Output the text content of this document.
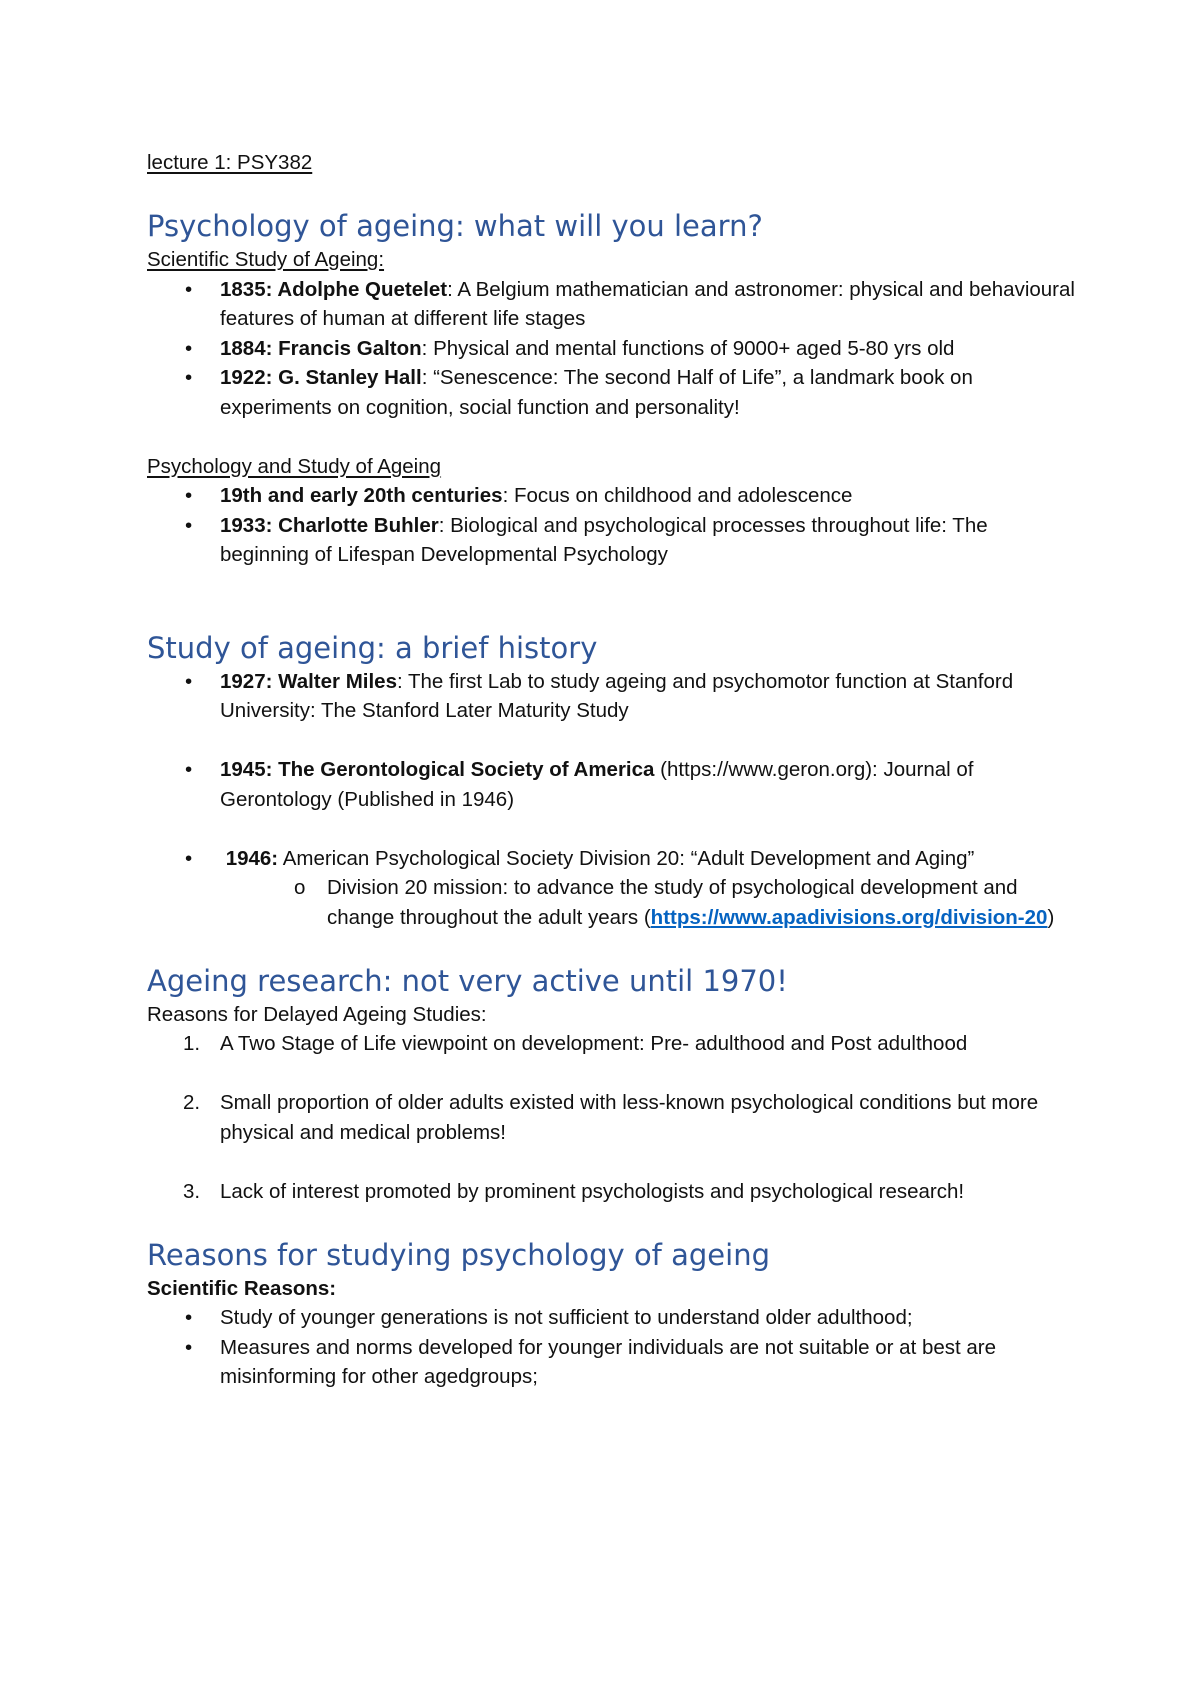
lecture 1: PSY382

Psychology of ageing: what will you learn?

Scientific Study of Ageing:

• 1835: Adolphe Quetelet: A Belgium mathematician and astronomer: physical and behavioural features of human at different life stages
• 1884: Francis Galton: Physical and mental functions of 9000+ aged 5-80 yrs old
• 1922: G. Stanley Hall: “Senescence: The second Half of Life”, a landmark book on experiments on cognition, social function and personality!

Psychology and Study of Ageing

• 19th and early 20th centuries: Focus on childhood and adolescence
• 1933: Charlotte Buhler: Biological and psychological processes throughout life: The beginning of Lifespan Developmental Psychology
Study of ageing: a brief history
• 1927: Walter Miles: The first Lab to study ageing and psychomotor function at Stanford University: The Stanford Later Maturity Study
• 1945: The Gerontological Society of America (https://www.geron.org): Journal of Gerontology (Published in 1946)
• 1946: American Psychological Society Division 20: “Adult Development and Aging”
o Division 20 mission: to advance the study of psychological development and change throughout the adult years (https://www.apadivisions.org/division-20)
Ageing research: not very active until 1970!

Reasons for Delayed Ageing Studies:

1. A Two Stage of Life viewpoint on development: Pre- adulthood and Post adulthood
2. Small proportion of older adults existed with less-known psychological conditions but more physical and medical problems!
3. Lack of interest promoted by prominent psychologists and psychological research!
Reasons for studying psychology of ageing

Scientific Reasons:

• Study of younger generations is not sufficient to understand older adulthood;
• Measures and norms developed for younger individuals are not suitable or at best are misinforming for other agedgroups;
